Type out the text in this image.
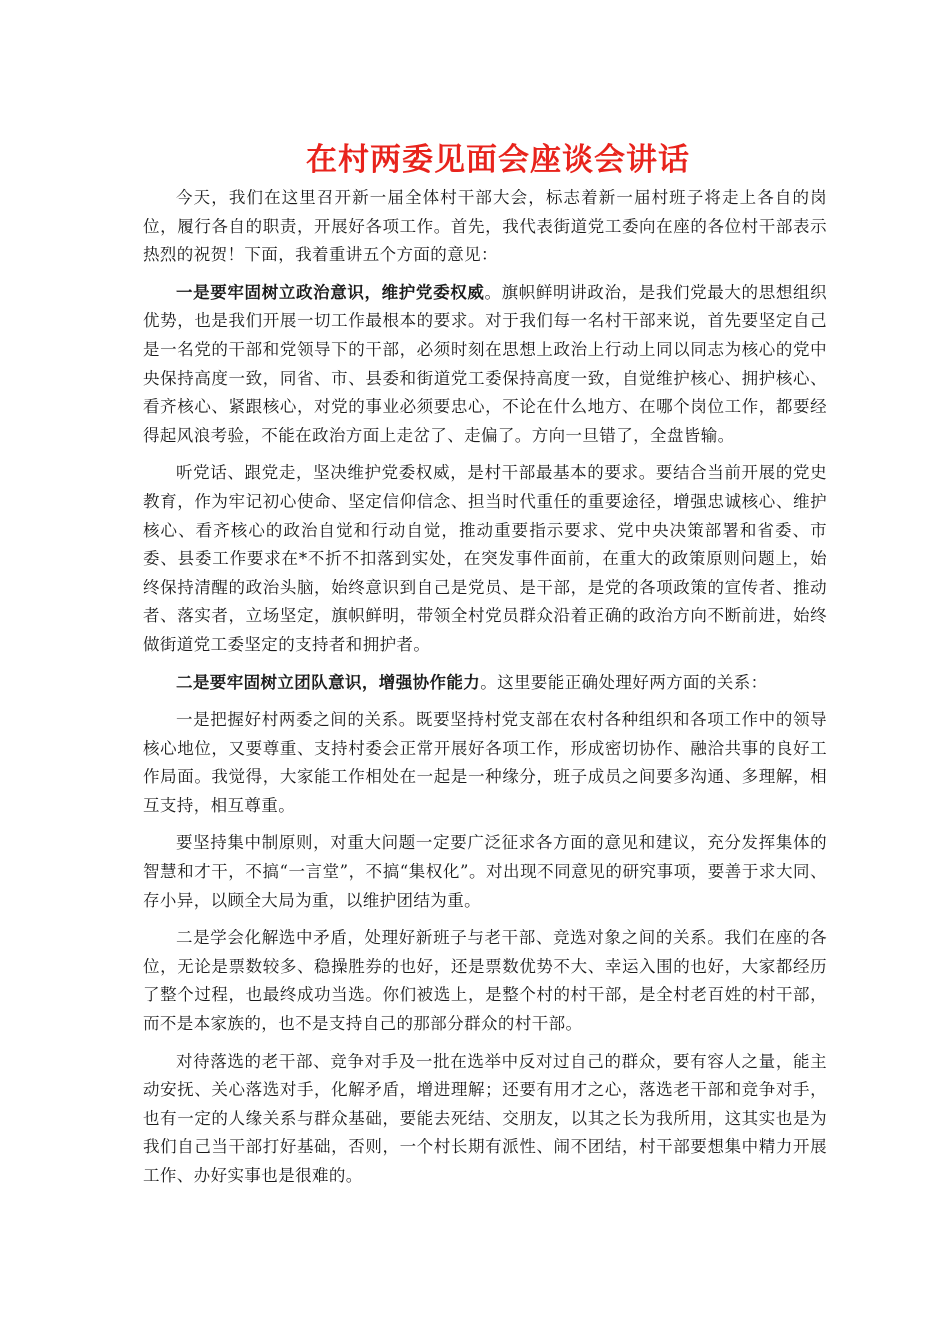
在村两委见面会座谈会讲话

今天，我们在这里召开新一届全体村干部大会，标志着新一届村班子将走上各自的岗位，履行各自的职责，开展好各项工作。首先，我代表街道党工委向在座的各位村干部表示热烈的祝贺！下面，我着重讲五个方面的意见：

一是要牢固树立政治意识，维护党委权威。旗帜鲜明讲政治，是我们党最大的思想组织优势，也是我们开展一切工作最根本的要求。对于我们每一名村干部来说，首先要坚定自己是一名党的干部和党领导下的干部，必须时刻在思想上政治上行动上同以同志为核心的党中央保持高度一致，同省、市、县委和街道党工委保持高度一致，自觉维护核心、拥护核心、看齐核心、紧跟核心，对党的事业必须要忠心，不论在什么地方、在哪个岗位工作，都要经得起风浪考验，不能在政治方面上走岔了、走偏了。方向一旦错了，全盘皆输。

听党话、跟党走，坚决维护党委权威，是村干部最基本的要求。要结合当前开展的党史教育，作为牢记初心使命、坚定信仰信念、担当时代重任的重要途径，增强忠诚核心、维护核心、看齐核心的政治自觉和行动自觉，推动重要指示要求、党中央决策部署和省委、市委、县委工作要求在*不折不扣落到实处，在突发事件面前，在重大的政策原则问题上，始终保持清醒的政治头脑，始终意识到自己是党员、是干部，是党的各项政策的宣传者、推动者、落实者，立场坚定，旗帜鲜明，带领全村党员群众沿着正确的政治方向不断前进，始终做街道党工委坚定的支持者和拥护者。

二是要牢固树立团队意识，增强协作能力。这里要能正确处理好两方面的关系：

一是把握好村两委之间的关系。既要坚持村党支部在农村各种组织和各项工作中的领导核心地位，又要尊重、支持村委会正常开展好各项工作，形成密切协作、融洽共事的良好工作局面。我觉得，大家能工作相处在一起是一种缘分，班子成员之间要多沟通、多理解，相互支持，相互尊重。

要坚持集中制原则，对重大问题一定要广泛征求各方面的意见和建议，充分发挥集体的智慧和才干，不搞“一言堂”，不搞“集权化”。对出现不同意见的研究事项，要善于求大同、存小异，以顾全大局为重，以维护团结为重。

二是学会化解选中矛盾，处理好新班子与老干部、竞选对象之间的关系。我们在座的各位，无论是票数较多、稳操胜券的也好，还是票数优势不大、幸运入围的也好，大家都经历了整个过程，也最终成功当选。你们被选上，是整个村的村干部，是全村老百姓的村干部，而不是本家族的，也不是支持自己的那部分群众的村干部。

对待落选的老干部、竞争对手及一批在选举中反对过自己的群众，要有容人之量，能主动安抚、关心落选对手，化解矛盾，增进理解；还要有用才之心，落选老干部和竞争对手，也有一定的人缘关系与群众基础，要能去死结、交朋友，以其之长为我所用，这其实也是为我们自己当干部打好基础，否则，一个村长期有派性、闹不团结，村干部要想集中精力开展工作、办好实事也是很难的。
